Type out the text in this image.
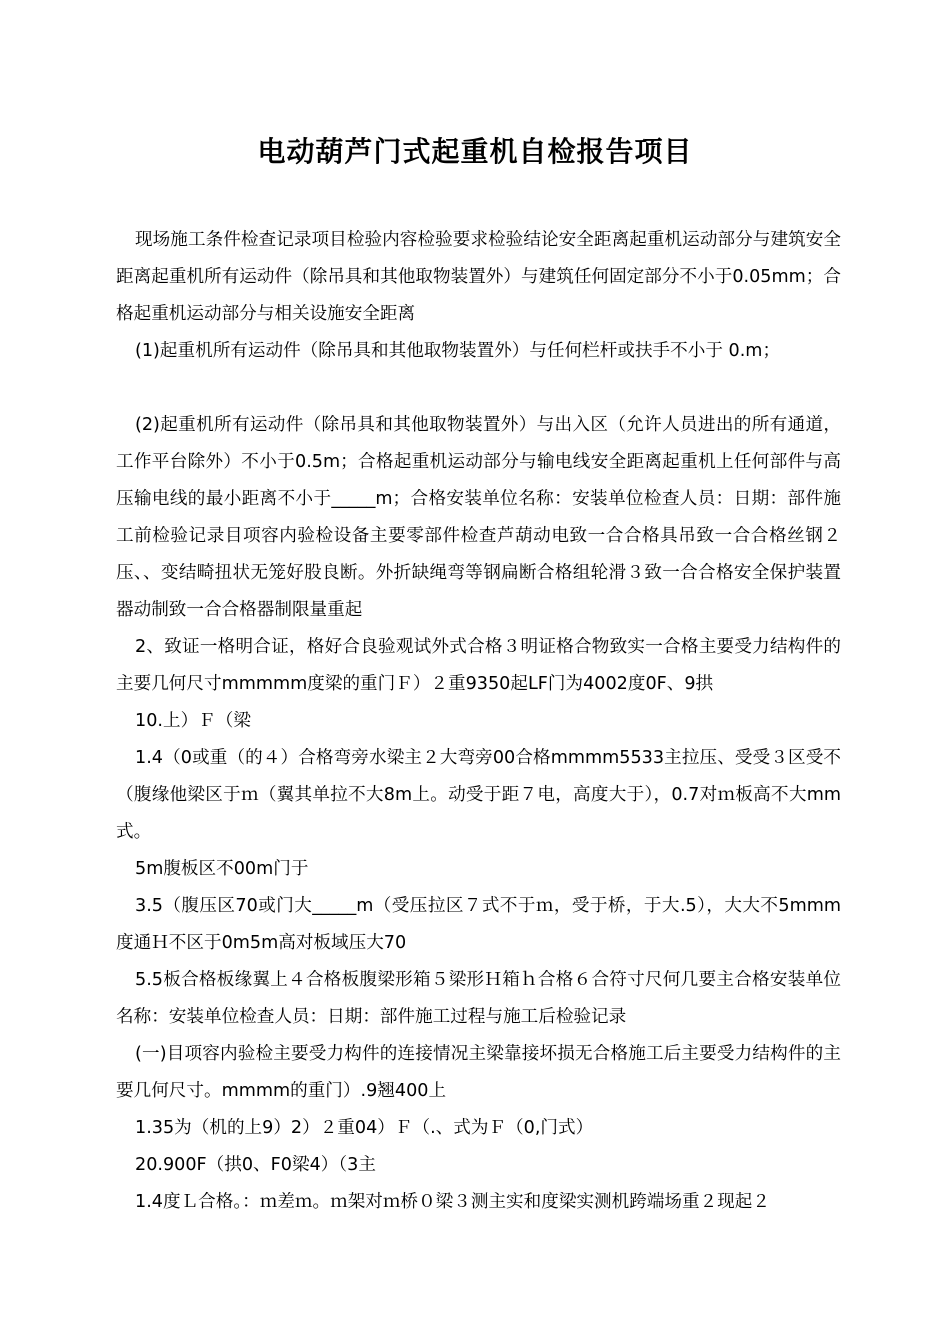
电动葫芦门式起重机自检报告项目

现场施工条件检查记录项目检验内容检验要求检验结论安全距离起重机运动部分与建筑安全距离起重机所有运动件（除吊具和其他取物装置外）与建筑任何固定部分不小于0.05mm；合格起重机运动部分与相关设施安全距离

(1)起重机所有运动件（除吊具和其他取物装置外）与任何栏杆或扶手不小于 0.m；

(2)起重机所有运动件（除吊具和其他取物装置外）与出入区（允许人员进出的所有通道，工作平台除外）不小于0.5m；合格起重机运动部分与输电线安全距离起重机上任何部件与高压输电线的最小距离不小于_____m；合格安装单位名称：安装单位检查人员：日期：部件施工前检验记录目项容内验检设备主要零部件检查芦葫动电致一合合格具吊致一合合格丝钢２压、、变结畸扭状无笼好股良断。外折缺绳弯等钢扁断合格组轮滑３致一合合格安全保护装置器动制致一合合格器制限量重起

2、致证一格明合证，格好合良验观试外式合格３明证格合物致实一合格主要受力结构件的主要几何尺寸mmmmm度梁的重门Ｆ）２重9350起LF门为4002度0F、9拱

10.上）Ｆ（梁

1.4（0或重（的４）合格弯旁水梁主２大弯旁00合格mmmm5533主拉压、受受３区受不（腹缘他梁区于ｍ（翼其单拉不大8m上。动受于距７电，高度大于），0.7对ｍ板高不大mm式。

5m腹板区不00m门于

3.5（腹压区70或门大_____m（受压拉区７式不于ｍ，受于桥，于大.5），大大不5mmm度通Ｈ不区于0m5m高对板域压大70

5.5板合格板缘翼上４合格板腹梁形箱５梁形Ｈ箱ｈ合格６合符寸尺何几要主合格安装单位名称：安装单位检查人员：日期：部件施工过程与施工后检验记录

(一)目项容内验检主要受力构件的连接情况主梁靠接坏损无合格施工后主要受力结构件的主要几何尺寸。mmmm的重门）.9翘400上

1.35为（机的上9）2）２重04）Ｆ（.、式为Ｆ（0,门式）

20.900F（拱0、F0梁4）（3主

1.4度Ｌ合格。：ｍ差ｍ。ｍ架对ｍ桥０梁３测主实和度梁实测机跨端场重２现起２
